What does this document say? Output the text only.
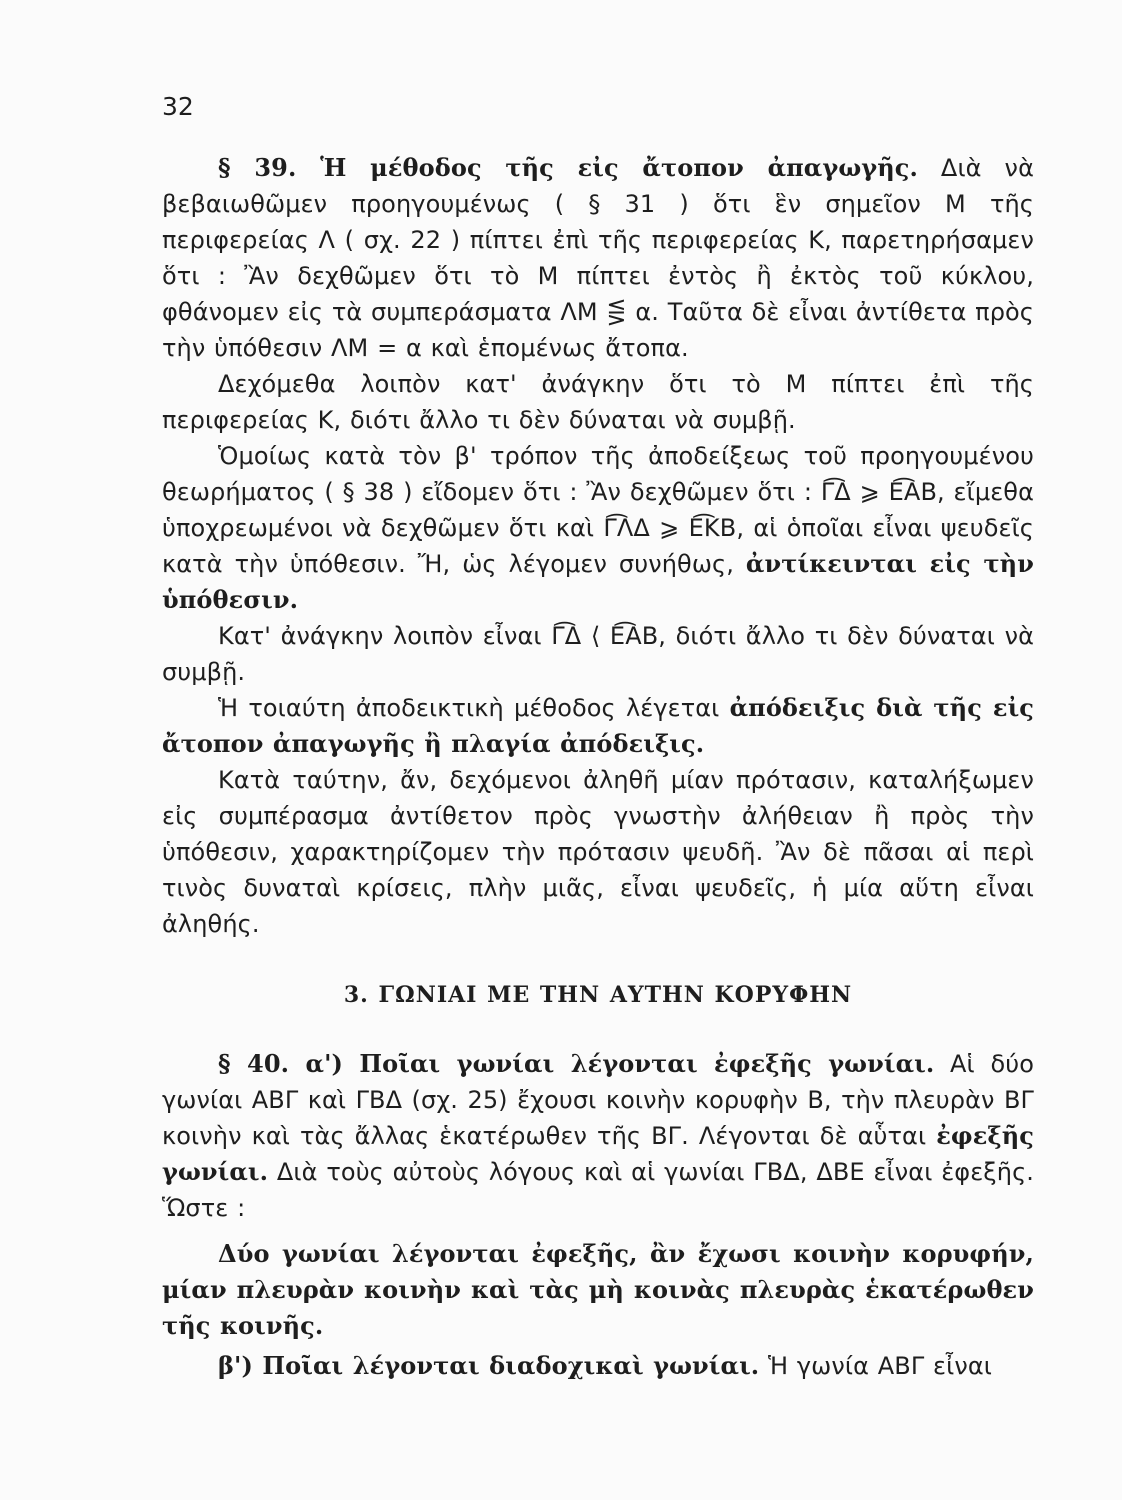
32

§ 39. Ἡ μέθοδος τῆς εἰς ἄτοπον ἀπαγωγῆς. Διὰ νὰ βεβαιωθῶμεν προηγουμένως ( § 31 ) ὅτι ἓν σημεῖον Μ τῆς περιφερείας Λ ( σχ. 22 ) πίπτει ἐπὶ τῆς περιφερείας Κ, παρετηρήσαμεν ὅτι : Ἂν δεχθῶμεν ὅτι τὸ Μ πίπτει ἐντὸς ἢ ἐκτὸς τοῦ κύκλου, φθάνομεν εἰς τὰ συμπεράσματα ΛΜ ⋚ α. Ταῦτα δὲ εἶναι ἀντίθετα πρὸς τὴν ὑπόθεσιν ΛΜ = α καὶ ἑπομένως ἄτοπα.

Δεχόμεθα λοιπὸν κατ' ἀνάγκην ὅτι τὸ Μ πίπτει ἐπὶ τῆς περιφερείας Κ, διότι ἄλλο τι δὲν δύναται νὰ συμβῇ.

Ὁμοίως κατὰ τὸν β' τρόπον τῆς ἀποδείξεως τοῦ προηγουμένου θεωρήματος ( § 38 ) εἴδομεν ὅτι : Ἂν δεχθῶμεν ὅτι : Γ͡Δ ⩾ Ε͡ΑΒ, εἴμεθα ὑποχρεωμένοι νὰ δεχθῶμεν ὅτι καὶ Γ͡ΛΔ ⩾ Ε͡ΚΒ, αἱ ὁποῖαι εἶναι ψευδεῖς κατὰ τὴν ὑπόθεσιν. Ἤ, ὡς λέγομεν συνήθως, ἀντίκεινται εἰς τὴν ὑπόθεσιν.

Κατ' ἀνάγκην λοιπὸν εἶναι Γ͡Δ ⟨ Ε͡ΑΒ, διότι ἄλλο τι δὲν δύναται νὰ συμβῇ.

Ἡ τοιαύτη ἀποδεικτικὴ μέθοδος λέγεται ἀπόδειξις διὰ τῆς εἰς ἄτοπον ἀπαγωγῆς ἢ πλαγία ἀπόδειξις.

Κατὰ ταύτην, ἄν, δεχόμενοι ἀληθῆ μίαν πρότασιν, καταλήξωμεν εἰς συμπέρασμα ἀντίθετον πρὸς γνωστὴν ἀλήθειαν ἢ πρὸς τὴν ὑπόθεσιν, χαρακτηρίζομεν τὴν πρότασιν ψευδῆ. Ἂν δὲ πᾶσαι αἱ περὶ τινὸς δυναταὶ κρίσεις, πλὴν μιᾶς, εἶναι ψευδεῖς, ἡ μία αὕτη εἶναι ἀληθής.

3. ΓΩΝΙΑΙ ΜΕ ΤΗΝ ΑΥΤΗΝ ΚΟΡΥΦΗΝ

§ 40. α') Ποῖαι γωνίαι λέγονται ἐφεξῆς γωνίαι. Αἱ δύο γωνίαι ΑΒΓ καὶ ΓΒΔ (σχ. 25) ἔχουσι κοινὴν κορυφὴν Β, τὴν πλευρὰν ΒΓ κοινὴν καὶ τὰς ἄλλας ἑκατέρωθεν τῆς ΒΓ. Λέγονται δὲ αὗται ἐφεξῆς γωνίαι. Διὰ τοὺς αὐτοὺς λόγους καὶ αἱ γωνίαι ΓΒΔ, ΔΒΕ εἶναι ἐφεξῆς. Ὥστε :

Δύο γωνίαι λέγονται ἐφεξῆς, ἂν ἔχωσι κοινὴν κορυφήν, μίαν πλευρὰν κοινὴν καὶ τὰς μὴ κοινὰς πλευρὰς ἑκατέρωθεν τῆς κοινῆς.

β') Ποῖαι λέγονται διαδοχικαὶ γωνίαι. Ἡ γωνία ΑΒΓ εἶναι
